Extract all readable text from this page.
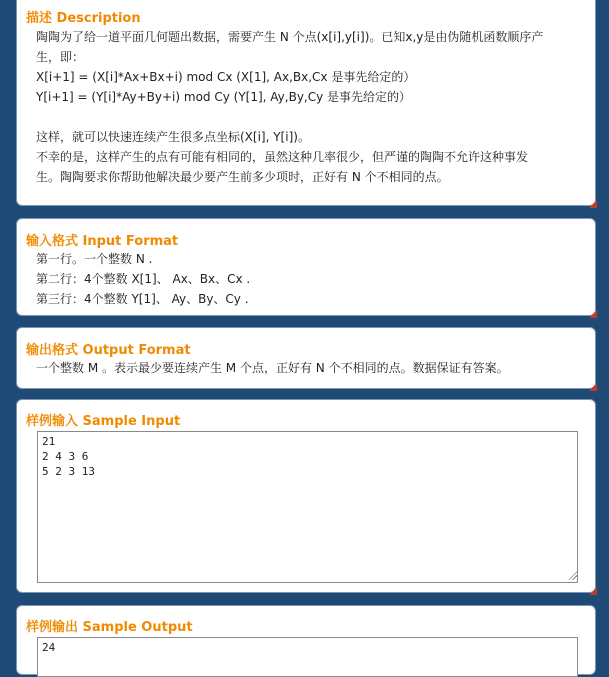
描述 Description
陶陶为了给一道平面几何题出数据，需要产生 N 个点(x[i],y[i])。已知x,y是由伪随机函数顺序产
生，即：
X[i+1] = (X[i]*Ax+Bx+i) mod Cx (X[1], Ax,Bx,Cx 是事先给定的）
Y[i+1] = (Y[i]*Ay+By+i) mod Cy (Y[1], Ay,By,Cy 是事先给定的）
这样，就可以快速连续产生很多点坐标(X[i], Y[i])。
不幸的是，这样产生的点有可能有相同的，虽然这种几率很少，但严谨的陶陶不允许这种事发
生。陶陶要求你帮助他解决最少要产生前多少项时，正好有 N 个不相同的点。
输入格式 Input Format
第一行。一个整数 N .
第二行：4个整数 X[1]、 Ax、Bx、Cx .
第三行：4个整数 Y[1]、 Ay、By、Cy .
输出格式 Output Format
一个整数 M 。表示最少要连续产生 M 个点，正好有 N 个不相同的点。数据保证有答案。
样例输入 Sample Input
21
2 4 3 6
5 2 3 13
样例输出 Sample Output
24
